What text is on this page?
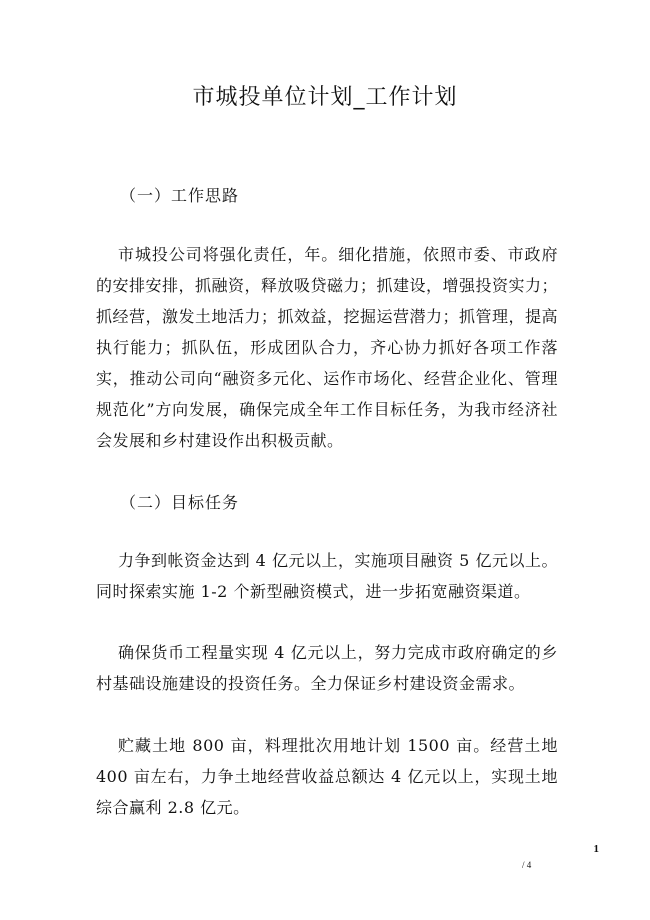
市城投单位计划_工作计划
（一）工作思路

市城投公司将强化责任，年。细化措施，依照市委、市政府的安排安排，抓融资，释放吸贷磁力；抓建设，增强投资实力；抓经营，激发土地活力；抓效益，挖掘运营潜力；抓管理，提高执行能力；抓队伍，形成团队合力，齐心协力抓好各项工作落实，推动公司向“融资多元化、运作市场化、经营企业化、管理规范化”方向发展，确保完成全年工作目标任务，为我市经济社会发展和乡村建设作出积极贡献。

（二）目标任务

力争到帐资金达到 4 亿元以上，实施项目融资 5 亿元以上。同时探索实施 1-2 个新型融资模式，进一步拓宽融资渠道。

确保货币工程量实现 4 亿元以上，努力完成市政府确定的乡村基础设施建设的投资任务。全力保证乡村建设资金需求。

贮藏土地 800 亩，料理批次用地计划 1500 亩。经营土地 400 亩左右，力争土地经营收益总额达 4 亿元以上，实现土地综合赢利 2.8 亿元。

1
/ 4
